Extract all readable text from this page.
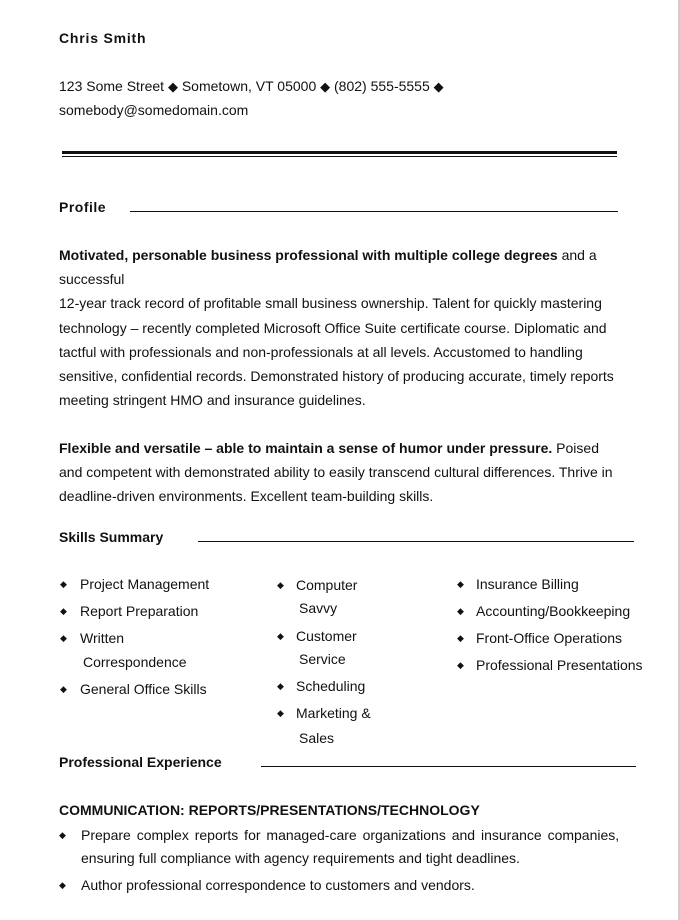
Chris Smith
123 Some Street ◆ Sometown, VT 05000 ◆ (802) 555-5555 ◆
somebody@somedomain.com
Profile
Motivated, personable business professional with multiple college degrees and a
successful
12-year track record of profitable small business ownership. Talent for quickly mastering
technology – recently completed Microsoft Office Suite certificate course. Diplomatic and
tactful with professionals and non-professionals at all levels. Accustomed to handling
sensitive, confidential records. Demonstrated history of producing accurate, timely reports
meeting stringent HMO and insurance guidelines.
Flexible and versatile – able to maintain a sense of humor under pressure. Poised
and competent with demonstrated ability to easily transcend cultural differences. Thrive in
deadline-driven environments. Excellent team-building skills.
Skills Summary
◆ Project Management
◆ Report Preparation
◆ Written
Correspondence
◆ General Office Skills
◆ Computer
Savvy
◆ Customer
Service
◆ Scheduling
◆ Marketing &
Sales
◆ Insurance Billing
◆ Accounting/Bookkeeping
◆ Front-Office Operations
◆ Professional Presentations
Professional Experience
COMMUNICATION: REPORTS/PRESENTATIONS/TECHNOLOGY
◆ Prepare complex reports for managed-care organizations and insurance companies,
ensuring full compliance with agency requirements and tight deadlines.
◆ Author professional correspondence to customers and vendors.
